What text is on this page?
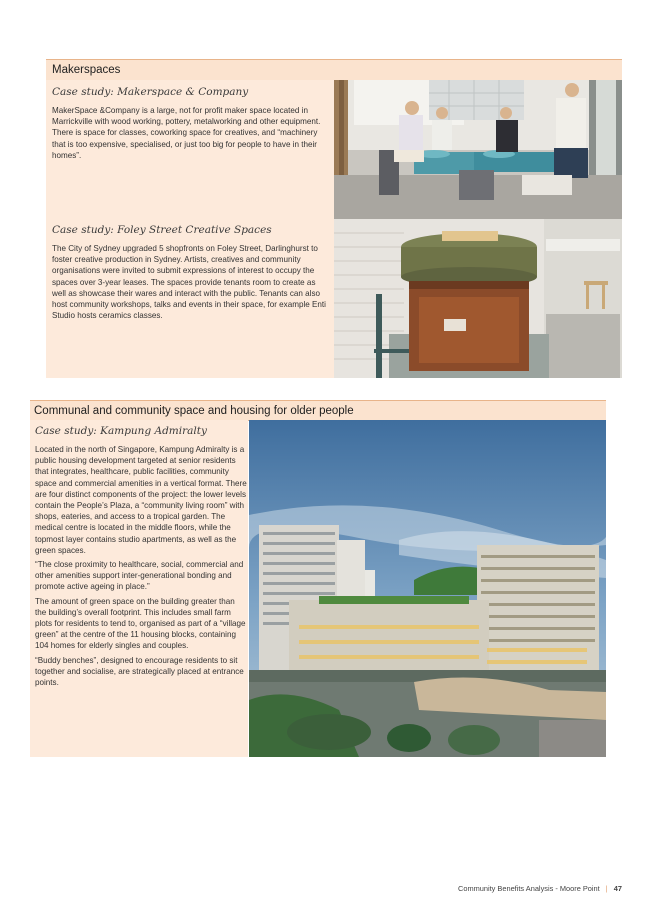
Makerspaces
Case study: Makerspace & Company
MakerSpace &Company is a large, not for profit maker space located in Marrickville with wood working, pottery, metalworking and other equipment. There is space for classes, coworking space for creatives, and “machinery that is too expensive, specialised, or just too big for people to have in their homes”.
Case study: Foley Street Creative Spaces
The City of Sydney upgraded 5 shopfronts on Foley Street, Darlinghurst to foster creative production in Sydney. Artists, creatives and community organisations were invited to submit expressions of interest to occupy the spaces over 3-year leases. The spaces provide tenants room to create as well as showcase their wares and interact with the public. Tenants can also host community workshops, talks and events in their space, for example Enti Studio hosts ceramics classes.
Communal and community space and housing for older people
Case study: Kampung Admiralty

Located in the north of Singapore, Kampung Admiralty is a public housing development targeted at senior residents that integrates, healthcare, public facilities, community space and commercial amenities in a vertical format. There are four distinct components of the project: the lower levels contain the People’s Plaza, a “community living room” with shops, eateries, and access to a tropical garden. The medical centre is located in the middle floors, while the topmost layer contains studio apartments, as well as the green spaces.

“The close proximity to healthcare, social, commercial and other amenities support inter-generational bonding and promote active ageing in place.”

The amount of green space on the building greater than the building’s overall footprint. This includes small farm plots for residents to tend to, organised as part of a “village green” at the centre of the 11 housing blocks, containing 104 homes for elderly singles and couples.

“Buddy benches”, designed to encourage residents to sit together and socialise, are strategically placed at entrance points.

Community Benefits Analysis - Moore Point | 47
